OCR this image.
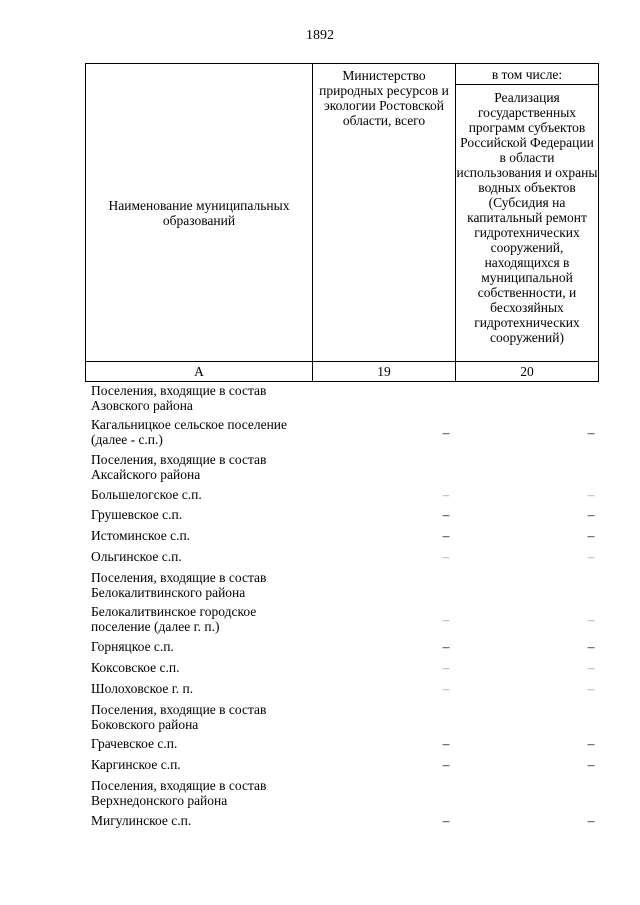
1892
Наименование муниципальных образований	Министерство природных ресурсов и экологии Ростовской области, всего	в том числе:
		Реализация государственных программ субъектов Российской Федерации в области использования и охраны водных объектов (Субсидия на капитальный ремонт гидротехнических сооружений, находящихся в муниципальной собственности, и бесхозяйных гидротехнических сооружений)
А	19	20
Поселения, входящие в состав Азовского района
Кагальницкое сельское поселение (далее - с.п.)	–	–
Поселения, входящие в состав Аксайского района
Большелогское с.п.	–	–
Грушевское с.п.	–	–
Истоминское с.п.	–	–
Ольгинское с.п.	–	–
Поселения, входящие в состав Белокалитвинского района
Белокалитвинское городское поселение (далее г. п.)	–	–
Горняцкое с.п.	–	–
Коксовское с.п.	–	–
Шолоховское г. п.	–	–
Поселения, входящие в состав Боковского района
Грачевское с.п.	–	–
Каргинское с.п.	–	–
Поселения, входящие в состав Верхнедонского района
Мигулинское с.п.	–	–
